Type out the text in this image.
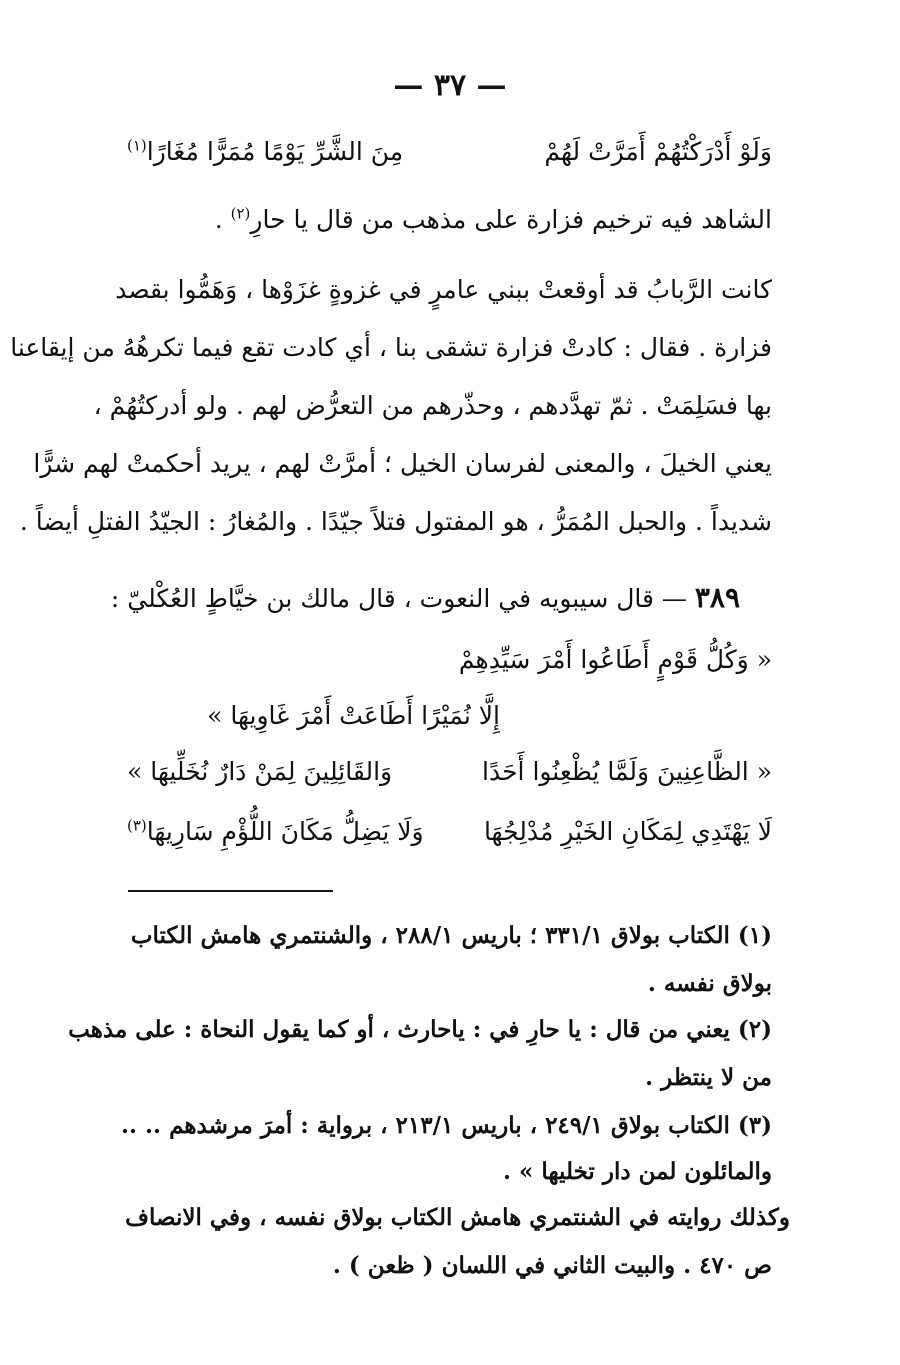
— ٣٧ —
وَلَوْ أَدْرَكْتُهُمْ أَمَرَّتْ لَهُمْ
مِنَ الشَّرِّ يَوْمًا مُمَرًّا مُغَارًا$^{(١)}$
الشاهد فيه ترخيم فزارة على مذهب من قال يا حارِ$^{(٢)}$ .
كانت الرَّبابُ قد أوقعتْ ببني عامرٍ في غزوةٍ غزَوْها ، وَهَمُّوا بقصد
فزارة . فقال : كادتْ فزارة تشقى بنا ، أي كادت تقع فيما تكرهُهُ من إيقاعنا
بها فسَلِمَتْ . ثمّ تهدَّدهم ، وحذّرهم من التعرُّض لهم . ولو أدركتُهُمْ ،
يعني الخيلَ ، والمعنى لفرسان الخيل ؛ أمرَّتْ لهم ، يريد أحكمتْ لهم شرًّا
شديداً . والحبل المُمَرُّ ، هو المفتول فتلاً جيّدًا . والمُغارُ : الجيّدُ الفتلِ أيضاً .
٣٨٩ — قال سيبويه في النعوت ، قال مالك بن خيَّاطٍ العُكْليّ :
« وَكُلُّ قَوْمٍ أَطَاعُوا أَمْرَ سَيِّدِهِمْ
إِلَّا نُمَيْرًا أَطَاعَتْ أَمْرَ غَاوِيهَا »
« الظَّاعِنِينَ وَلَمَّا يُظْعِنُوا أَحَدًا
وَالقَائِلِينَ لِمَنْ دَارٌ نُخَلِّيهَا »
لَا يَهْتَدِي لِمَكَانِ الخَيْرِ مُدْلِجُهَا
وَلَا يَضِلُّ مَكَانَ اللُّؤْمِ سَارِيهَا$^{(٣)}$
(١) الكتاب بولاق ٣٣١/١ ؛ باريس ٢٨٨/١ ، والشنتمري هامش الكتاب
بولاق نفسه .
(٢) يعني من قال : يا حارِ في : ياحارث ، أو كما يقول النحاة : على مذهب
من لا ينتظر .
(٣) الكتاب بولاق ٢٤٩/١ ، باريس ٢١٣/١ ، برواية : أمرَ مرشدهم .. ..
والمائلون لمن دار تخليها » .
وكذلك روايته في الشنتمري هامش الكتاب بولاق نفسه ، وفي الانصاف
ص ٤٧٠ . والبيت الثاني في اللسان ( ظعن ) .
